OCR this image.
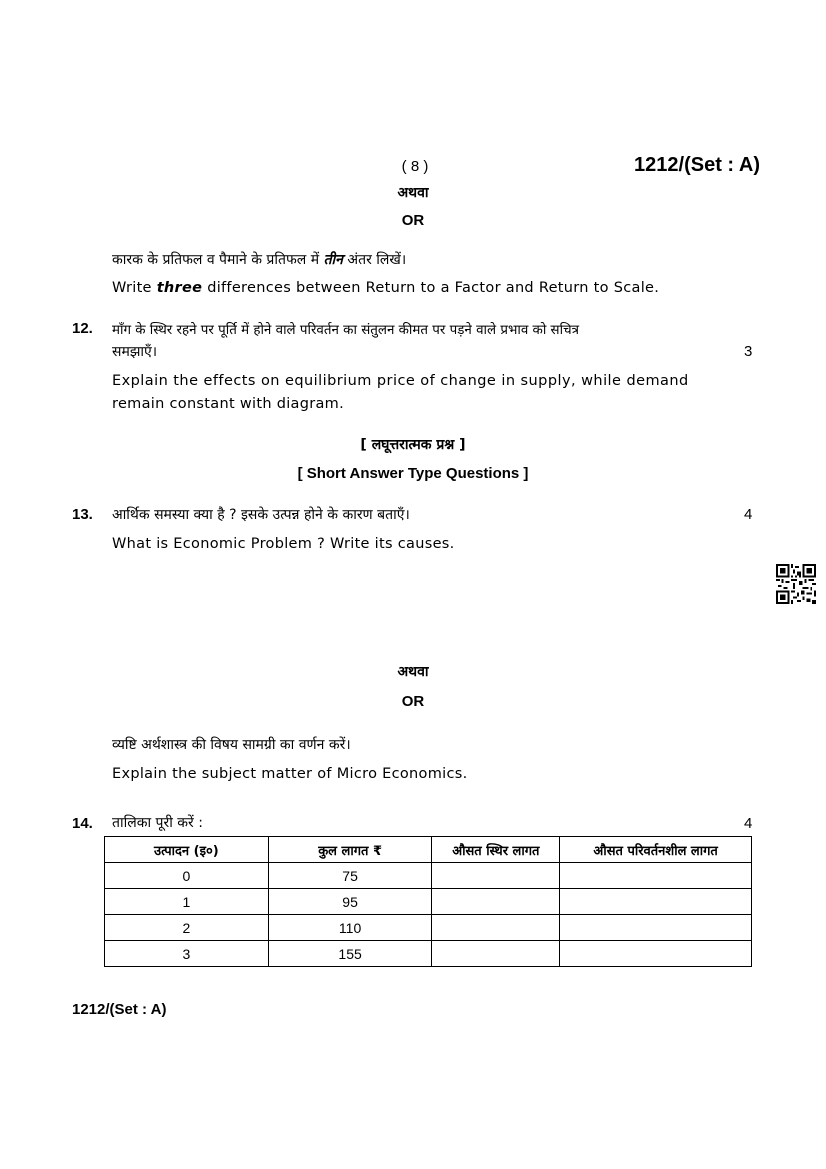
( 8 )	1212/(Set : A)
अथवा
OR
कारक के प्रतिफल व पैमाने के प्रतिफल में तीन अंतर लिखें।
Write three differences between Return to a Factor and Return to Scale.
12. माँग के स्थिर रहने पर पूर्ति में होने वाले परिवर्तन का संतुलन कीमत पर पड़ने वाले प्रभाव को सचित्र
समझाएँ।	3
Explain the effects on equilibrium price of change in supply, while demand
remain constant with diagram.
[ लघूत्तरात्मक प्रश्न ]
[ Short Answer Type Questions ]
13. आर्थिक समस्या क्या है ? इसके उत्पन्न होने के कारण बताएँ।	4
What is Economic Problem ? Write its causes.
अथवा
OR
व्यष्टि अर्थशास्त्र की विषय सामग्री का वर्णन करें।
Explain the subject matter of Micro Economics.
14. तालिका पूरी करें :	4
उत्पादन (इ०)	कुल लागत ₹	औसत स्थिर लागत	औसत परिवर्तनशील लागत
0	75		
1	95		
2	110		
3	155		
1212/(Set : A)
